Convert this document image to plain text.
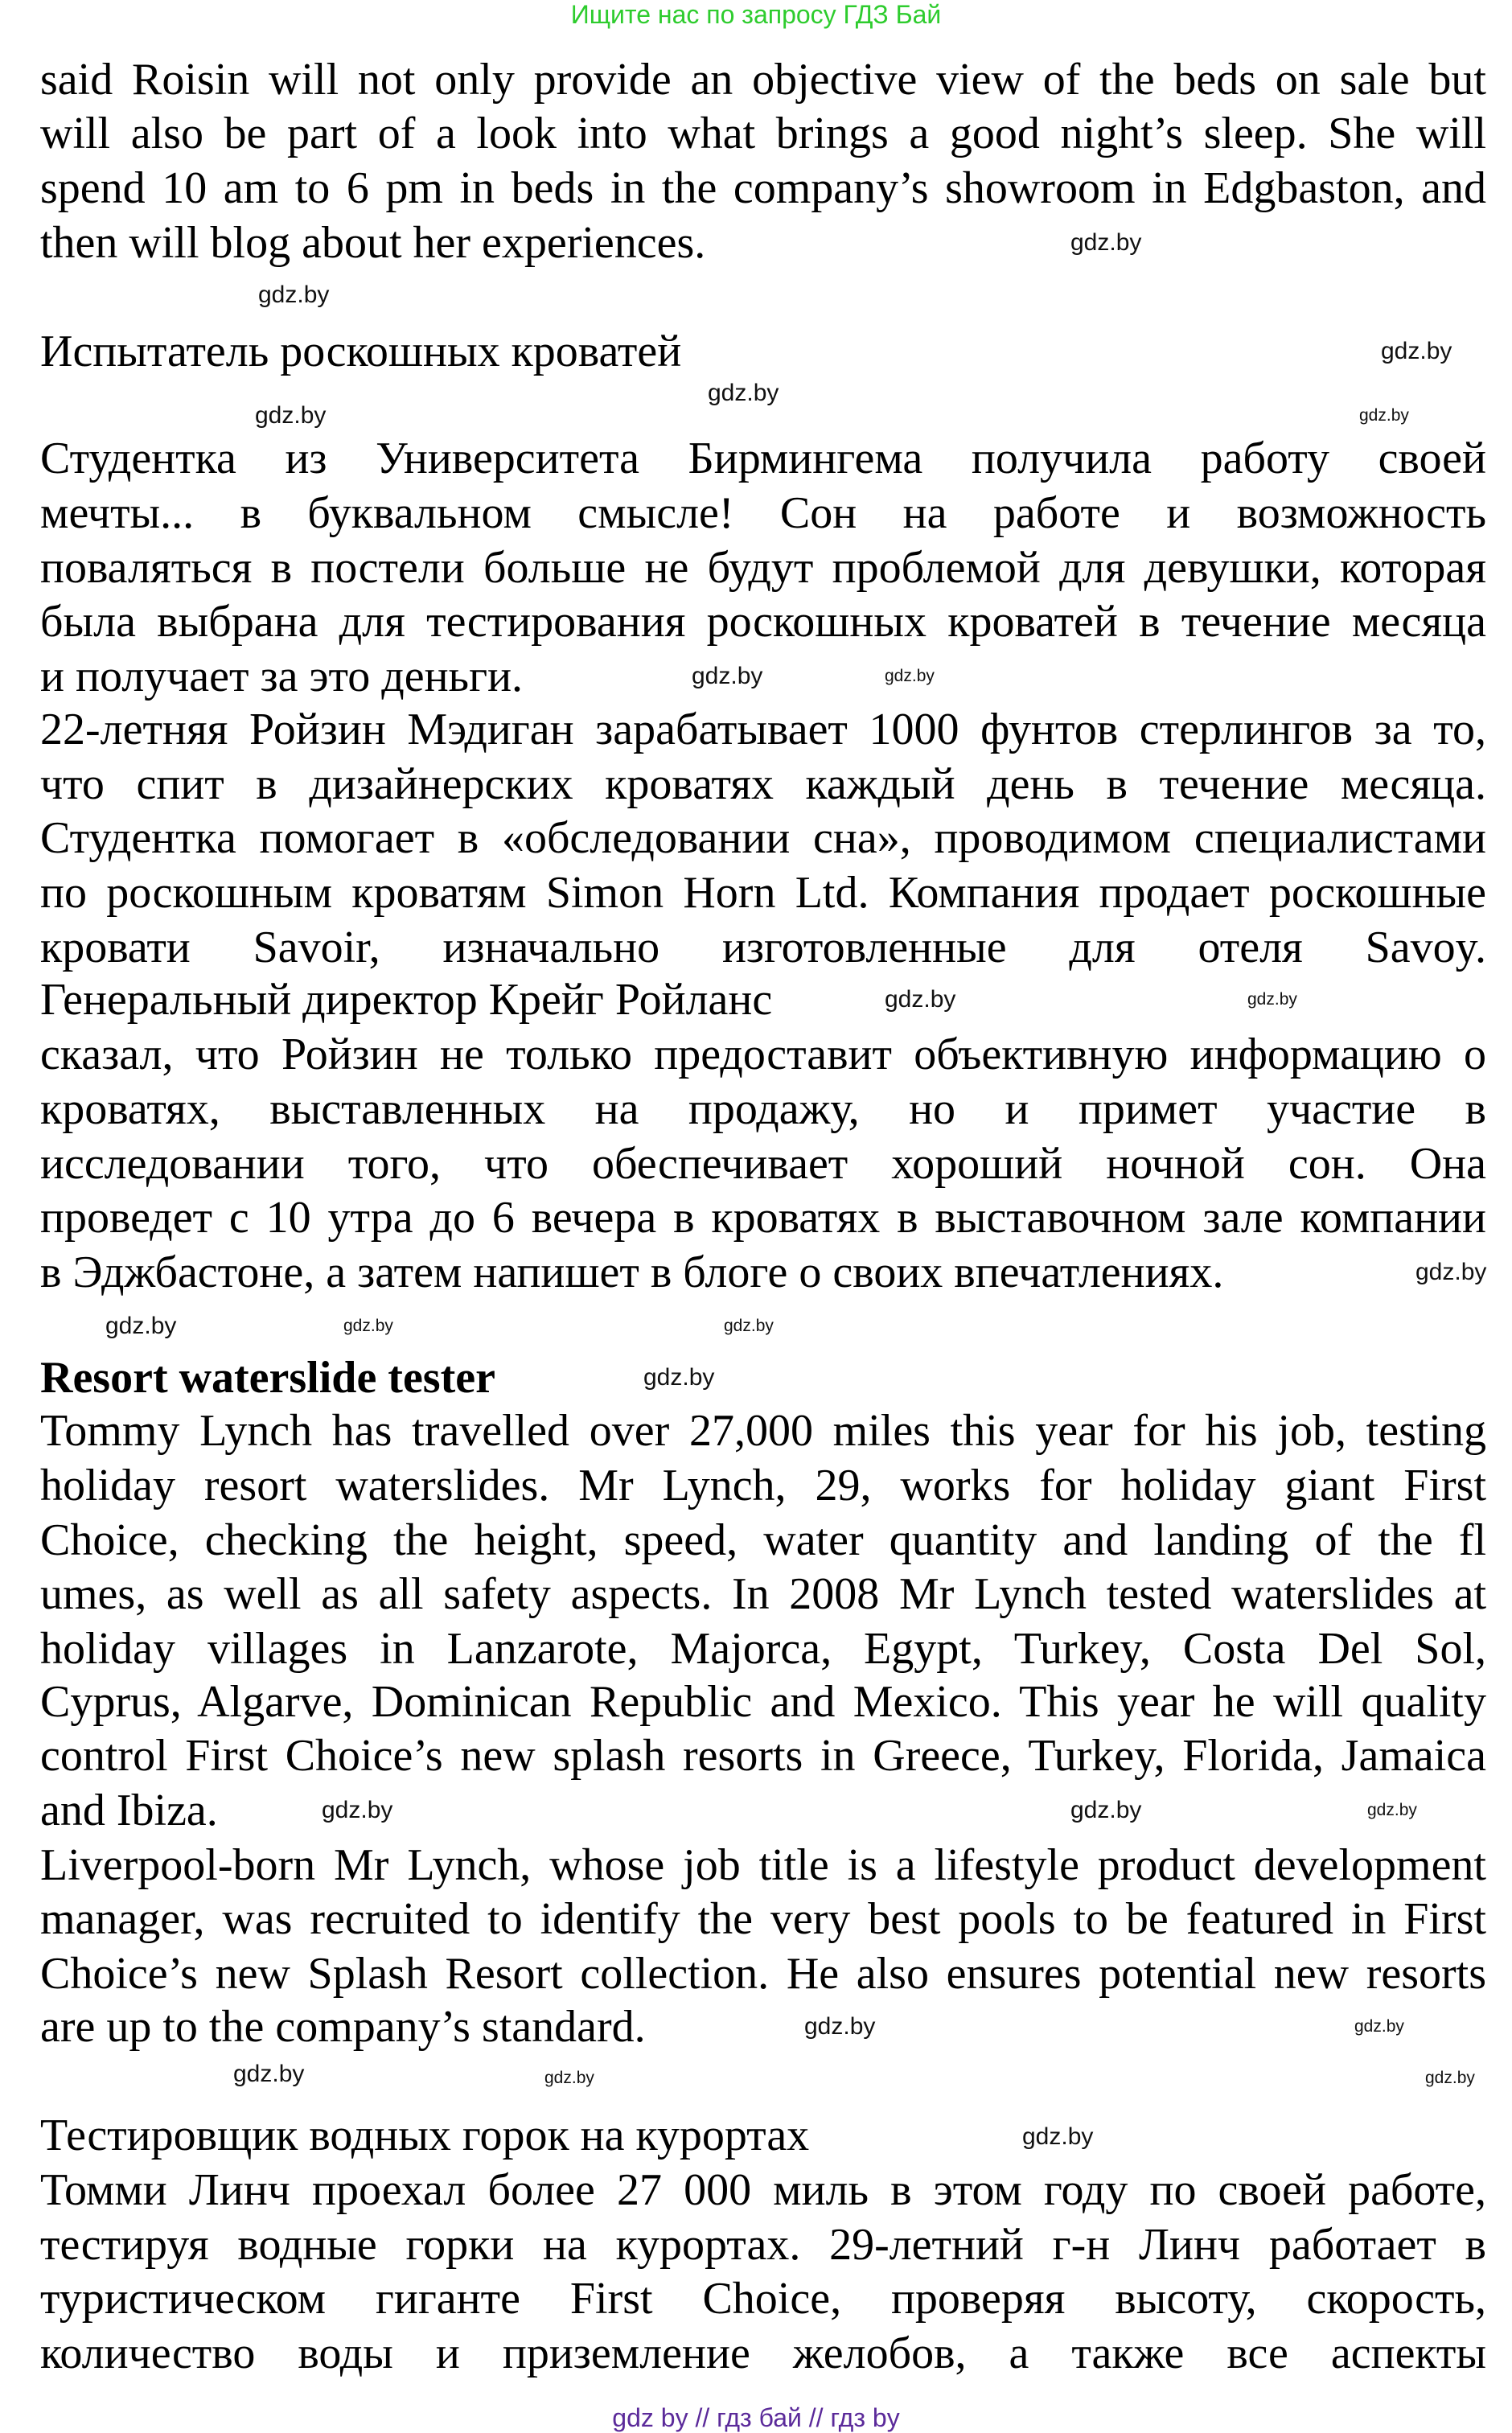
Ищите нас по запросу ГДЗ Бай
said Roisin will not only provide an objective view of the beds on sale but
will also be part of a look into what brings a good night’s sleep. She will
spend 10 am to 6 pm in beds in the company’s showroom in Edgbaston, and
then will blog about her experiences.
Испытатель роскошных кроватей
Студентка из Университета Бирмингема получила работу своей
мечты... в буквальном смысле! Сон на работе и возможность
поваляться в постели больше не будут проблемой для девушки, которая
была выбрана для тестирования роскошных кроватей в течение месяца
и получает за это деньги.
22-летняя Ройзин Мэдиган зарабатывает 1000 фунтов стерлингов за то,
что спит в дизайнерских кроватях каждый день в течение месяца.
Студентка помогает в «обследовании сна», проводимом специалистами
по роскошным кроватям Simon Horn Ltd. Компания продает роскошные
кровати Savoir, изначально изготовленные для отеля Savoy.
Генеральный директор Крейг Ройланс
сказал, что Ройзин не только предоставит объективную информацию о
кроватях, выставленных на продажу, но и примет участие в
исследовании того, что обеспечивает хороший ночной сон. Она
проведет с 10 утра до 6 вечера в кроватях в выставочном зале компании
в Эджбастоне, а затем напишет в блоге о своих впечатлениях.
Resort waterslide tester
Tommy Lynch has travelled over 27,000 miles this year for his job, testing
holiday resort waterslides. Mr Lynch, 29, works for holiday giant First
Choice, checking the height, speed, water quantity and landing of the fl
umes, as well as all safety aspects. In 2008 Mr Lynch tested waterslides at
holiday villages in Lanzarote, Majorca, Egypt, Turkey, Costa Del Sol,
Cyprus, Algarve, Dominican Republic and Mexico. This year he will quality
control First Choice’s new splash resorts in Greece, Turkey, Florida, Jamaica
and Ibiza.
Liverpool-born Mr Lynch, whose job title is a lifestyle product development
manager, was recruited to identify the very best pools to be featured in First
Choice’s new Splash Resort collection. He also ensures potential new resorts
are up to the company’s standard.
Тестировщик водных горок на курортах
Томми Линч проехал более 27 000 миль в этом году по своей работе,
тестируя водные горки на курортах. 29-летний г-н Линч работает в
туристическом гиганте First Choice, проверяя высоту, скорость,
количество воды и приземление желобов, а также все аспекты
gdz.by
gdz.by
gdz.by
gdz.by
gdz.by
gdz.by
gdz.by
gdz.by
gdz.by
gdz.by
gdz.by	gdz.by
gdz.by
gdz.by
gdz.by
gdz.by
gdz.by
gdz.by
gdz.by	gdz.by
gdz.by
gdz.by
gdz.by
gdz.by
gdz by // гдз бай // гдз by
